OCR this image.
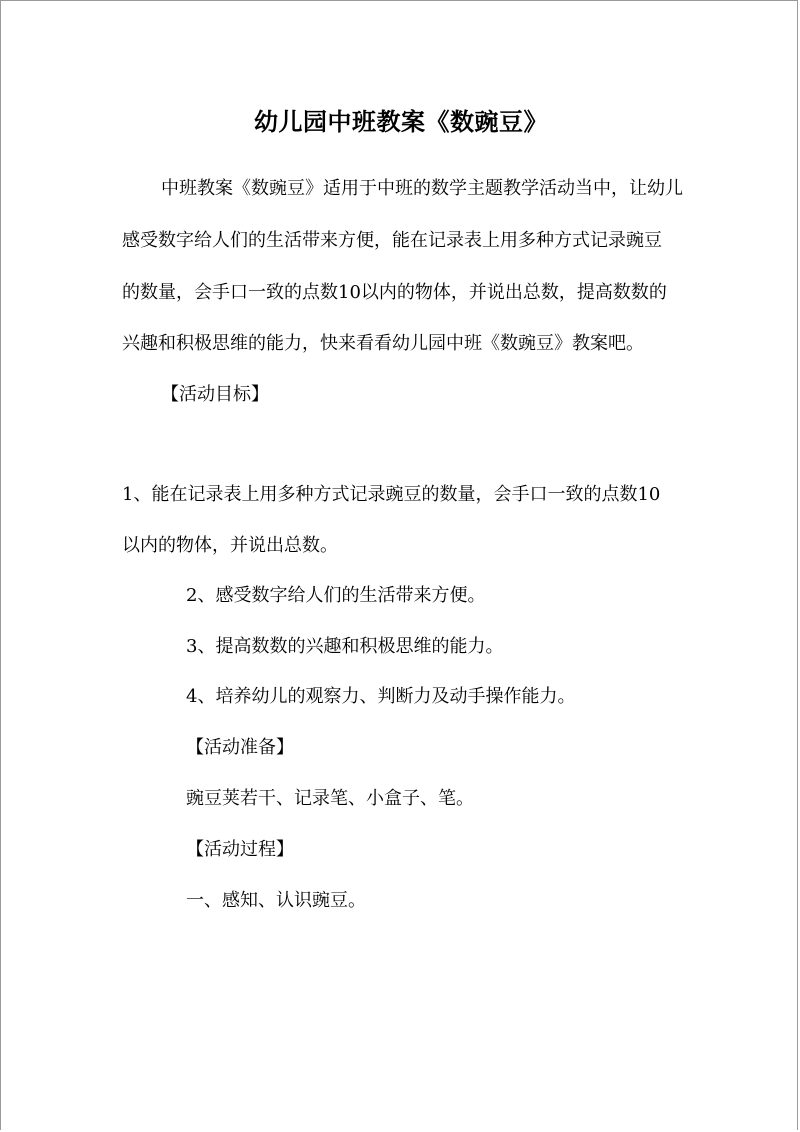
幼儿园中班教案《数豌豆》
中班教案《数豌豆》适用于中班的数学主题教学活动当中，让幼儿
感受数字给人们的生活带来方便，能在记录表上用多种方式记录豌豆
的数量，会手口一致的点数10以内的物体，并说出总数，提高数数的
兴趣和积极思维的能力，快来看看幼儿园中班《数豌豆》教案吧。
【活动目标】
1、能在记录表上用多种方式记录豌豆的数量，会手口一致的点数10
以内的物体，并说出总数。
2、感受数字给人们的生活带来方便。
3、提高数数的兴趣和积极思维的能力。
4、培养幼儿的观察力、判断力及动手操作能力。
【活动准备】
豌豆荚若干、记录笔、小盒子、笔。
【活动过程】
一、感知、认识豌豆。
